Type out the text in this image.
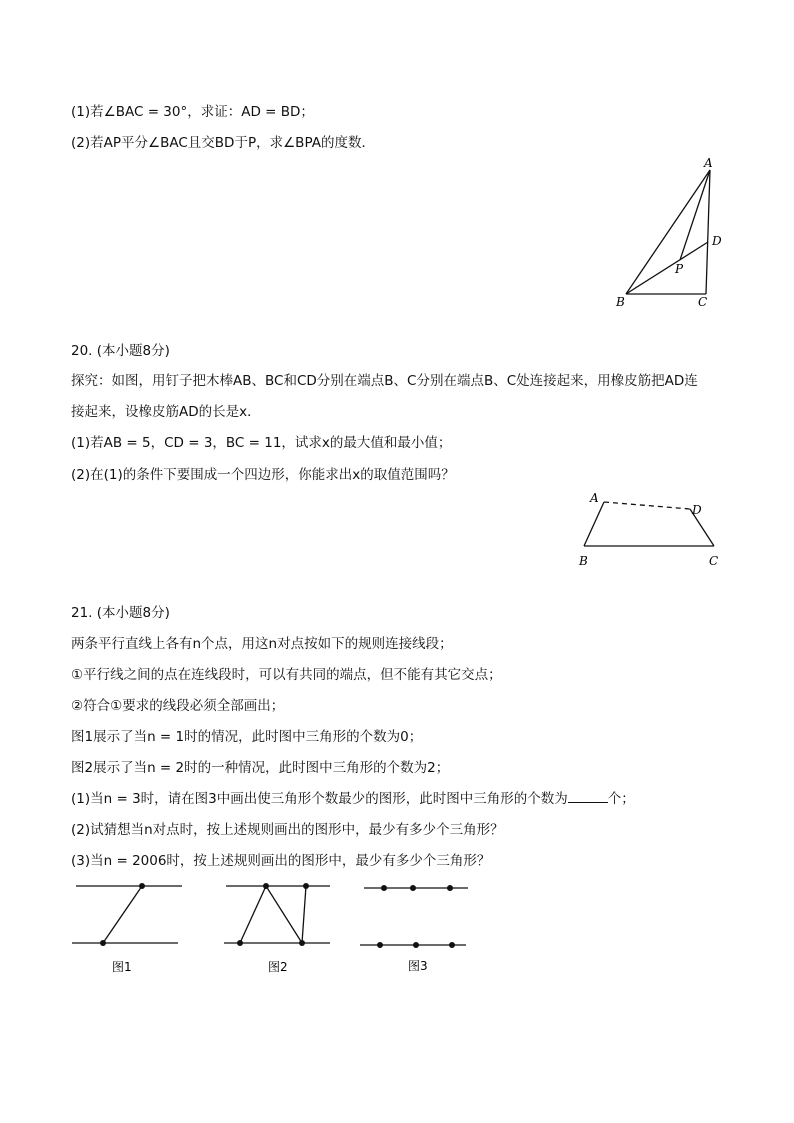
(1)若∠BAC = 30°，求证：AD = BD；
(2)若AP平分∠BAC且交BD于P，求∠BPA的度数．
A
B	C
D
P
20. (本小题8分)
探究：如图，用钉子把木棒AB、BC和CD分别在端点B、C分别在端点B、C处连接起来，用橡皮筋把AD连
接起来，设橡皮筋AD的长是x．
(1)若AB = 5，CD = 3，BC = 11，试求x的最大值和最小值；
(2)在(1)的条件下要围成一个四边形，你能求出x的取值范围吗？
A
B	C
D
21. (本小题8分)
两条平行直线上各有n个点，用这n对点按如下的规则连接线段；
①平行线之间的点在连线段时，可以有共同的端点，但不能有其它交点；
②符合①要求的线段必须全部画出；
图1展示了当n = 1时的情况，此时图中三角形的个数为0；
图2展示了当n = 2时的一种情况，此时图中三角形的个数为2；
(1)当n = 3时，请在图3中画出使三角形个数最少的图形，此时图中三角形的个数为	个；
(2)试猜想当n对点时，按上述规则画出的图形中，最少有多少个三角形？
(3)当n = 2006时，按上述规则画出的图形中，最少有多少个三角形？
图1	图2	图3
